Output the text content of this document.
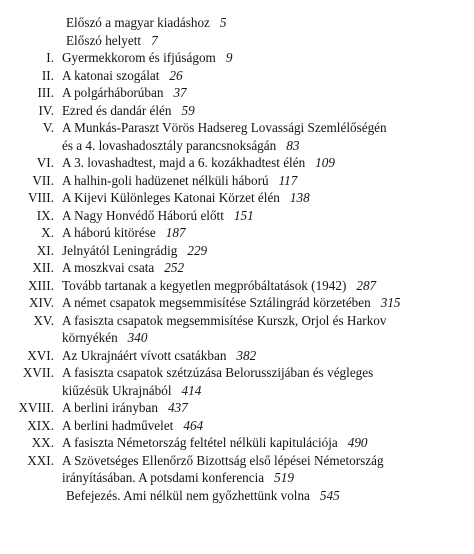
Előszó a magyar kiadáshoz 5
Előszó helyett 7
I. Gyermekkorom és ifjúságom 9
II. A katonai szogálat 26
III. A polgárháborúban 37
IV. Ezred és dandár élén 59
V. A Munkás-Paraszt Vörös Hadsereg Lovassági Szemlélőségén
és a 4. lovashadosztály parancsnokságán 83
VI. A 3. lovashadtest, majd a 6. kozákhadtest élén 109
VII. A halhin-goli hadüzenet nélküli háború 117
VIII. A Kijevi Különleges Katonai Körzet élén 138
IX. A Nagy Honvédő Háború előtt 151
X. A háború kitörése 187
XI. Jelnyától Leningrádig 229
XII. A moszkvai csata 252
XIII. Tovább tartanak a kegyetlen megpróbáltatások (1942) 287
XIV. A német csapatok megsemmisítése Sztálingrád körzetében 315
XV. A fasiszta csapatok megsemmisítése Kurszk, Orjol és Harkov
környékén 340
XVI. Az Ukrajnáért vívott csatákban 382
XVII. A fasiszta csapatok szétzúzása Belorusszijában és végleges
kiűzésük Ukrajnából 414
XVIII. A berlini irányban 437
XIX. A berlini hadművelet 464
XX. A fasiszta Németország feltétel nélküli kapitulációja 490
XXI. A Szövetséges Ellenőrző Bizottság első lépései Németország
irányításában. A potsdami konferencia 519
Befejezés. Ami nélkül nem győzhettünk volna 545
